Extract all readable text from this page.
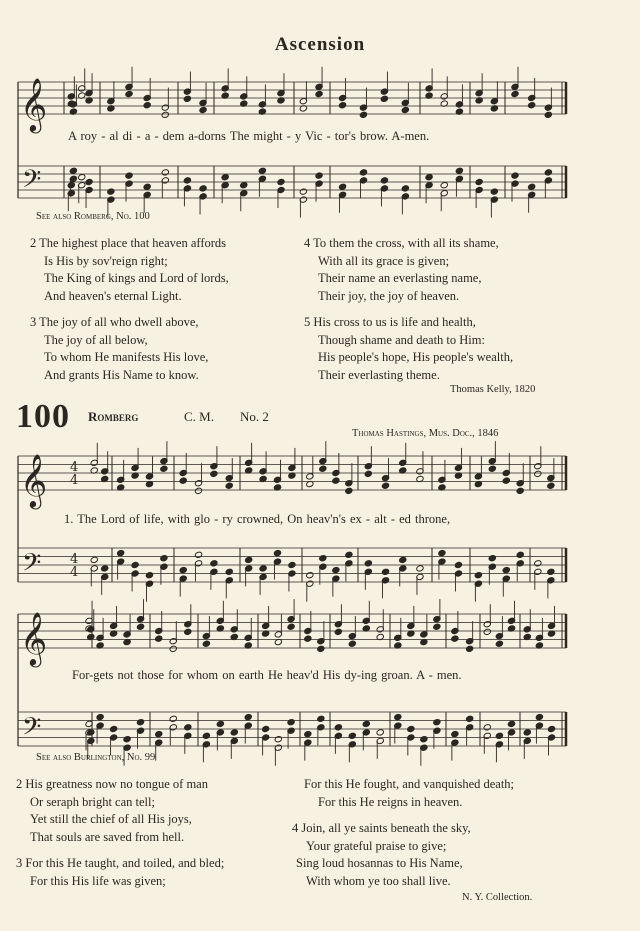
𝄞
𝄢
𝄞
𝄢
4
4
4
4
𝄞
𝄢
Ascension
A roy - al di - a - dem a-dorns The might - y Vic - tor's brow. A-men.
See also Romberg, No. 100
2 The highest place that heaven affords
Is His by sov'reign right;
The King of kings and Lord of lords,
And heaven's eternal Light.
3 The joy of all who dwell above,
The joy of all below,
To whom He manifests His love,
And grants His Name to know.
4 To them the cross, with all its shame,
With all its grace is given;
Their name an everlasting name,
Their joy, the joy of heaven.
5 His cross to us is life and health,
Though shame and death to Him:
His people's hope, His people's wealth,
Their everlasting theme.
Thomas Kelly, 1820
100 Romberg	C. M. No. 2
Thomas Hastings, Mus. Doc., 1846
1. The Lord of life, with glo - ry crowned, On heav'n's ex - alt - ed throne,
For-gets not those for whom on earth He heav'd His dy-ing groan. A - men.
See also Burlington, No. 99
2 His greatness now no tongue of man
Or seraph bright can tell;
Yet still the chief of all His joys,
That souls are saved from hell.
3 For this He taught, and toiled, and bled;
For this His life was given;
For this He fought, and vanquished death;
For this He reigns in heaven.
4 Join, all ye saints beneath the sky,
Your grateful praise to give;
Sing loud hosannas to His Name,
With whom ye too shall live.
N. Y. Collection.
